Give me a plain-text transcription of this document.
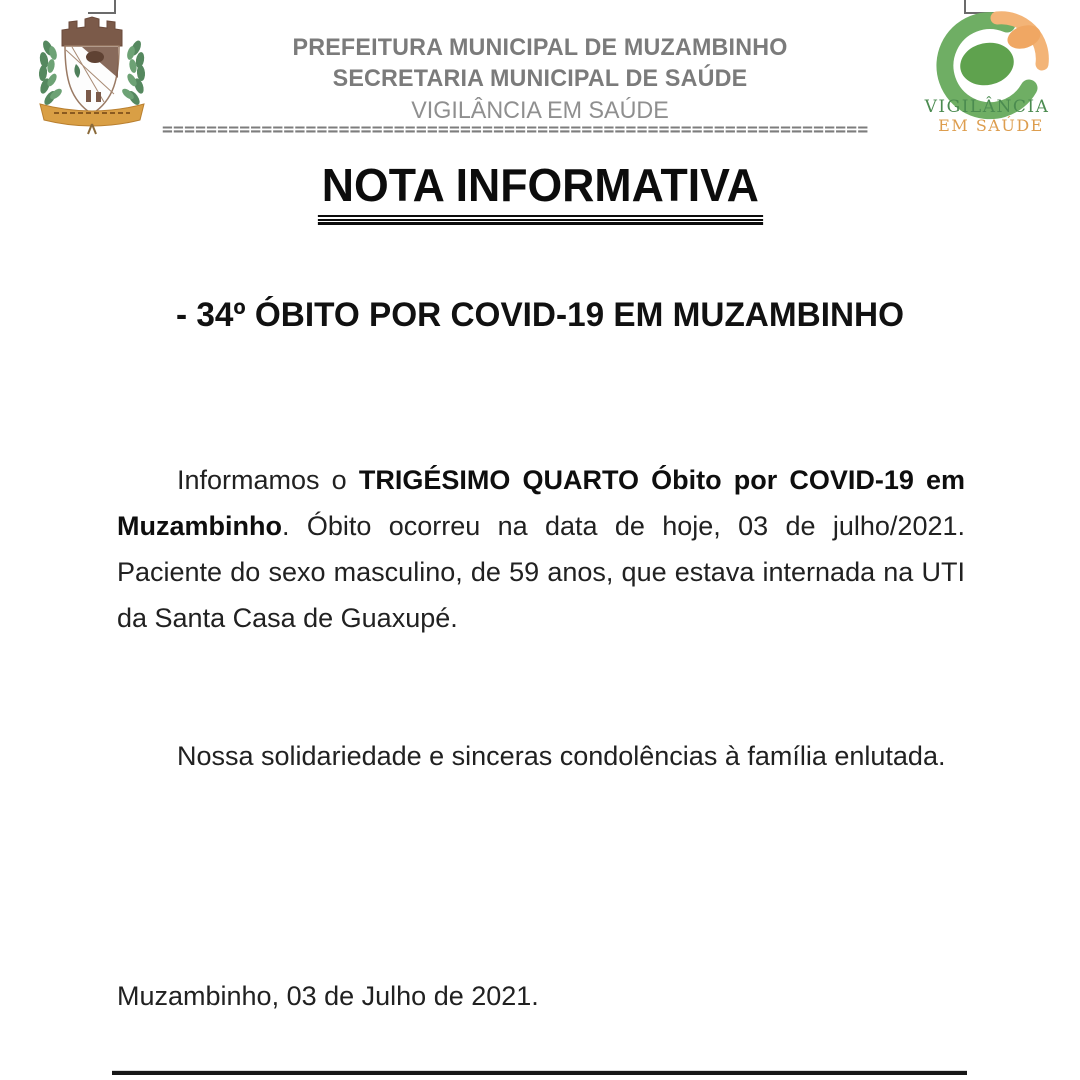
VIGILÂNCIA
EM SAÚDE
PREFEITURA MUNICIPAL DE MUZAMBINHO
SECRETARIA MUNICIPAL DE SAÚDE
VIGILÂNCIA EM SAÚDE
================================================================
NOTA INFORMATIVA
- 34º ÓBITO POR COVID-19 EM MUZAMBINHO

Informamos o TRIGÉSIMO QUARTO Óbito por COVID-19 em Muzambinho. Óbito ocorreu na data de hoje, 03 de julho/2021. Paciente do sexo masculino, de 59 anos, que estava internada na UTI da Santa Casa de Guaxupé.

Nossa solidariedade e sinceras condolências à família enlutada.

Muzambinho, 03 de Julho de 2021.
